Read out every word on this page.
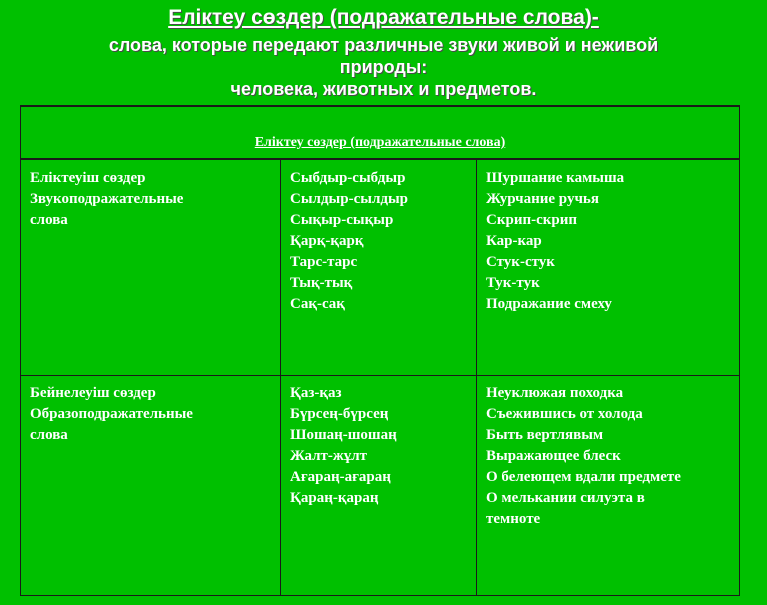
Еліктеу сөздер (подражательные слова)-
слова, которые передают различные звуки живой и неживой
природы:
человека, животных и предметов.
Еліктеу сөздер (подражательные слова)
Еліктеуіш сөздер
Звукоподражательные
слова
Сыбдыр-сыбдыр
Сылдыр-сылдыр
Сықыр-сықыр
Қарқ-қарқ
Тарс-тарс
Тық-тық
Сақ-сақ
Шуршание камыша
Журчание ручья
Скрип-скрип
Кар-кар
Стук-стук
Тук-тук
Подражание смеху
Бейнелеуіш сөздер
Образоподражательные
слова
Қаз-қаз
Бүрсең-бүрсең
Шошаң-шошаң
Жалт-жұлт
Ағараң-ағараң
Қараң-қараң
Неуклюжая походка
Съежившись от холода
Быть вертлявым
Выражающее блеск
О белеющем вдали предмете
О мелькании силуэта в
темноте
